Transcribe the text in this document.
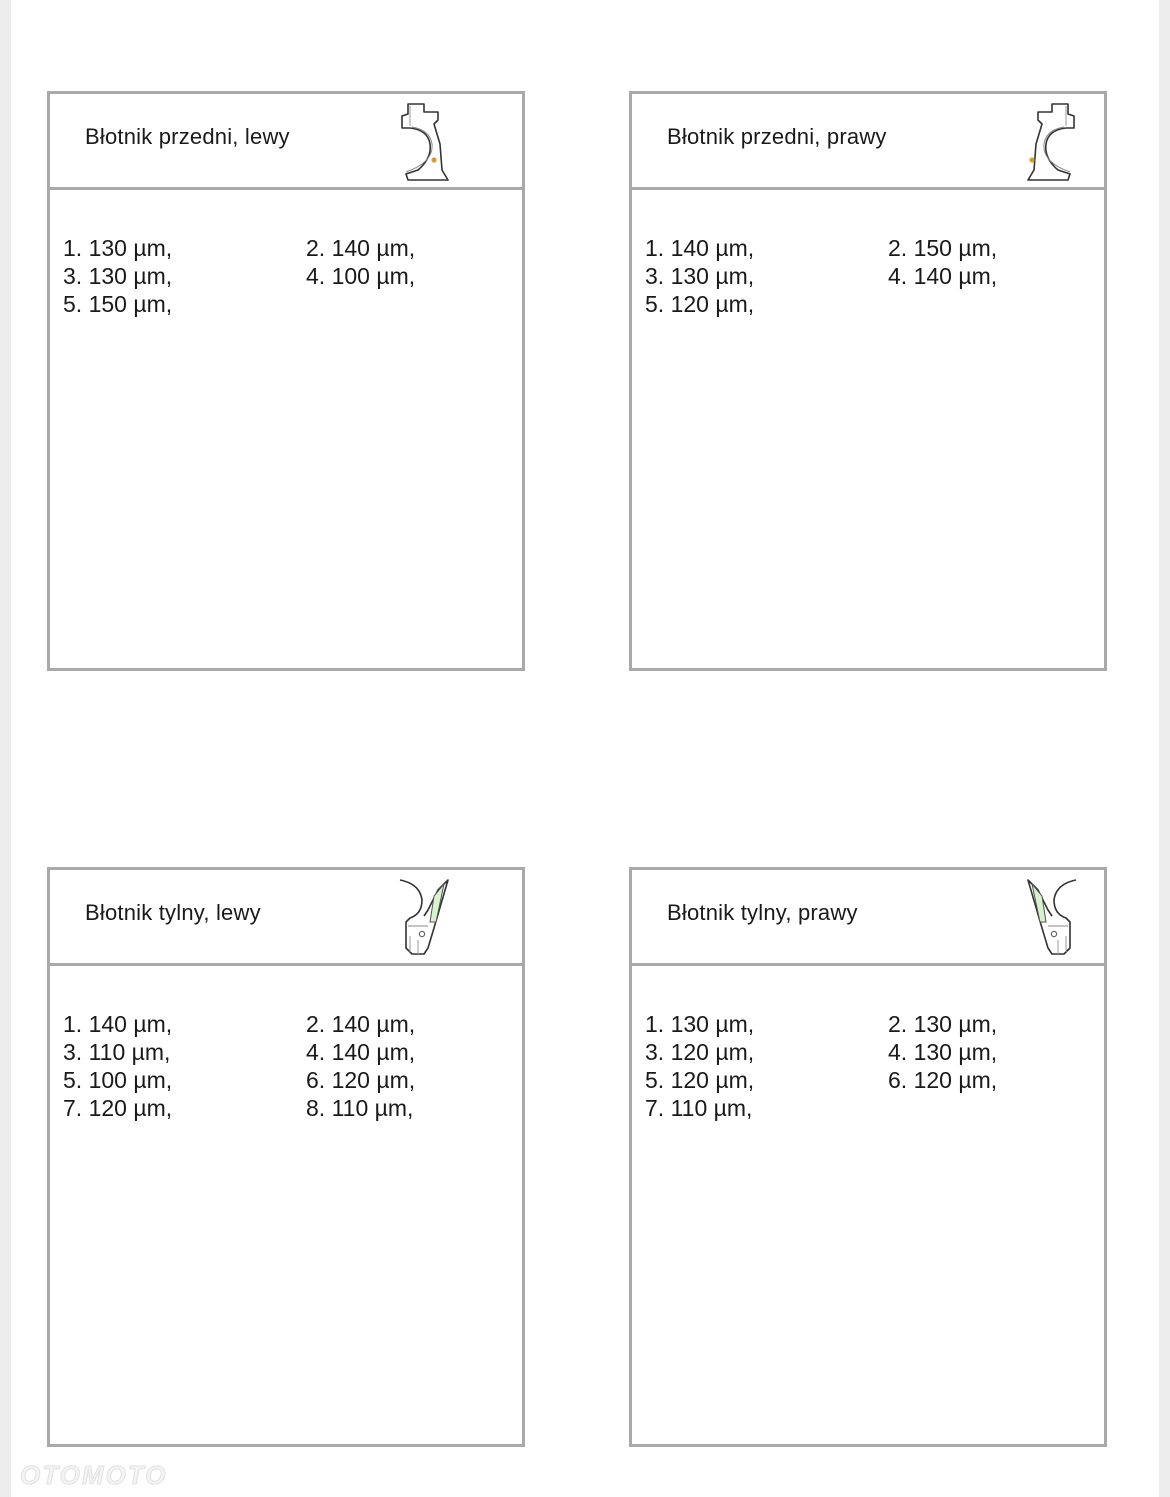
Błotnik przedni, lewy
1. 130 µm,	2. 140 µm,
3. 130 µm,	4. 100 µm,
5. 150 µm,
Błotnik przedni, prawy
1. 140 µm,	2. 150 µm,
3. 130 µm,	4. 140 µm,
5. 120 µm,
Błotnik tylny, lewy
1. 140 µm,	2. 140 µm,
3. 110 µm,	4. 140 µm,
5. 100 µm,	6. 120 µm,
7. 120 µm,	8. 110 µm,
Błotnik tylny, prawy
1. 130 µm,	2. 130 µm,
3. 120 µm,	4. 130 µm,
5. 120 µm,	6. 120 µm,
7. 110 µm,
OTOMOTO
